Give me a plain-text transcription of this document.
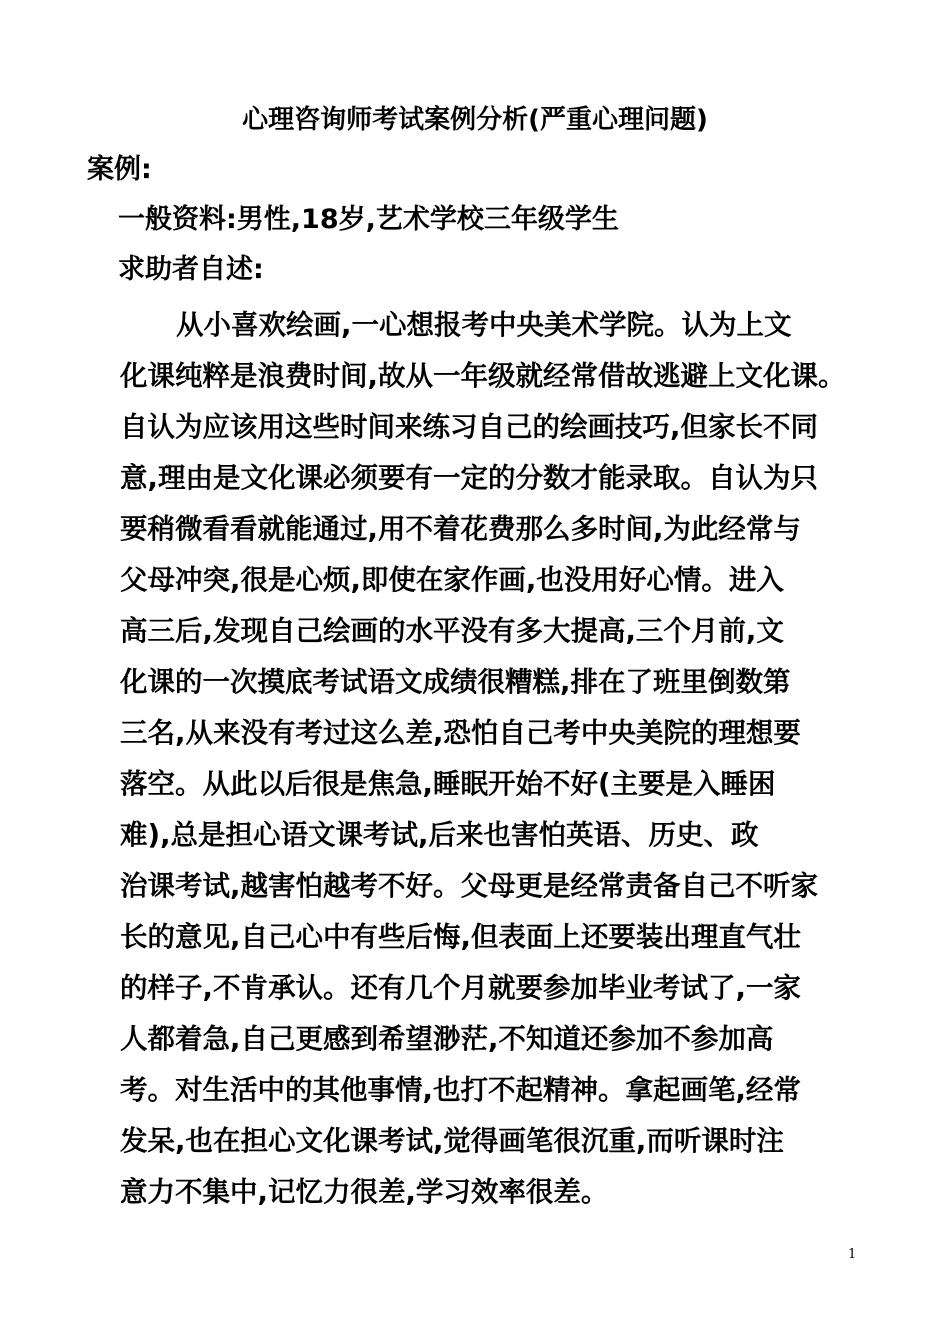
心理咨询师考试案例分析(严重心理问题)
案例:
一般资料:男性,18岁,艺术学校三年级学生
求助者自述:
从小喜欢绘画,一心想报考中央美术学院。认为上文
化课纯粹是浪费时间,故从一年级就经常借故逃避上文化课。
自认为应该用这些时间来练习自己的绘画技巧,但家长不同
意,理由是文化课必须要有一定的分数才能录取。自认为只
要稍微看看就能通过,用不着花费那么多时间,为此经常与
父母冲突,很是心烦,即使在家作画,也没用好心情。进入
高三后,发现自己绘画的水平没有多大提高,三个月前,文
化课的一次摸底考试语文成绩很糟糕,排在了班里倒数第
三名,从来没有考过这么差,恐怕自己考中央美院的理想要
落空。从此以后很是焦急,睡眠开始不好(主要是入睡困
难),总是担心语文课考试,后来也害怕英语、历史、政
治课考试,越害怕越考不好。父母更是经常责备自己不听家
长的意见,自己心中有些后悔,但表面上还要装出理直气壮
的样子,不肯承认。还有几个月就要参加毕业考试了,一家
人都着急,自己更感到希望渺茫,不知道还参加不参加高
考。对生活中的其他事情,也打不起精神。拿起画笔,经常
发呆,也在担心文化课考试,觉得画笔很沉重,而听课时注
意力不集中,记忆力很差,学习效率很差。
1
